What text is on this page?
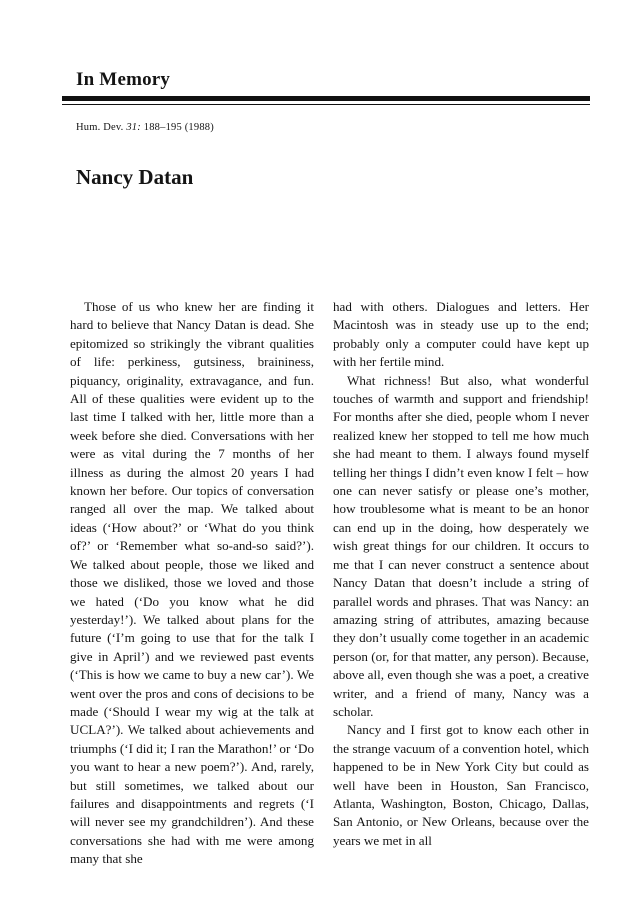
In Memory
Hum. Dev. 31: 188–195 (1988)
Nancy Datan

Those of us who knew her are finding it hard to believe that Nancy Datan is dead. She epitomized so strikingly the vibrant qualities of life: perkiness, gutsiness, braininess, piquancy, originality, extravagance, and fun. All of these qualities were evident up to the last time I talked with her, little more than a week before she died. Conversations with her were as vital during the 7 months of her illness as during the almost 20 years I had known her before. Our topics of conversation ranged all over the map. We talked about ideas (‘How about?’ or ‘What do you think of?’ or ‘Remember what so-and-so said?’). We talked about people, those we liked and those we disliked, those we loved and those we hated (‘Do you know what he did yesterday!’). We talked about plans for the future (‘I’m going to use that for the talk I give in April’) and we reviewed past events (‘This is how we came to buy a new car’). We went over the pros and cons of decisions to be made (‘Should I wear my wig at the talk at UCLA?’). We talked about achievements and triumphs (‘I did it; I ran the Marathon!’ or ‘Do you want to hear a new poem?’). And, rarely, but still sometimes, we talked about our failures and disappointments and regrets (‘I will never see my grandchildren’). And these conversations she had with me were among many that she

had with others. Dialogues and letters. Her Macintosh was in steady use up to the end; probably only a computer could have kept up with her fertile mind.

What richness! But also, what wonderful touches of warmth and support and friendship! For months after she died, people whom I never realized knew her stopped to tell me how much she had meant to them. I always found myself telling her things I didn’t even know I felt – how one can never satisfy or please one’s mother, how troublesome what is meant to be an honor can end up in the doing, how desperately we wish great things for our children. It occurs to me that I can never construct a sentence about Nancy Datan that doesn’t include a string of parallel words and phrases. That was Nancy: an amazing string of attributes, amazing because they don’t usually come together in an academic person (or, for that matter, any person). Because, above all, even though she was a poet, a creative writer, and a friend of many, Nancy was a scholar.

Nancy and I first got to know each other in the strange vacuum of a convention hotel, which happened to be in New York City but could as well have been in Houston, San Francisco, Atlanta, Washington, Boston, Chicago, Dallas, San Antonio, or New Orleans, because over the years we met in all
